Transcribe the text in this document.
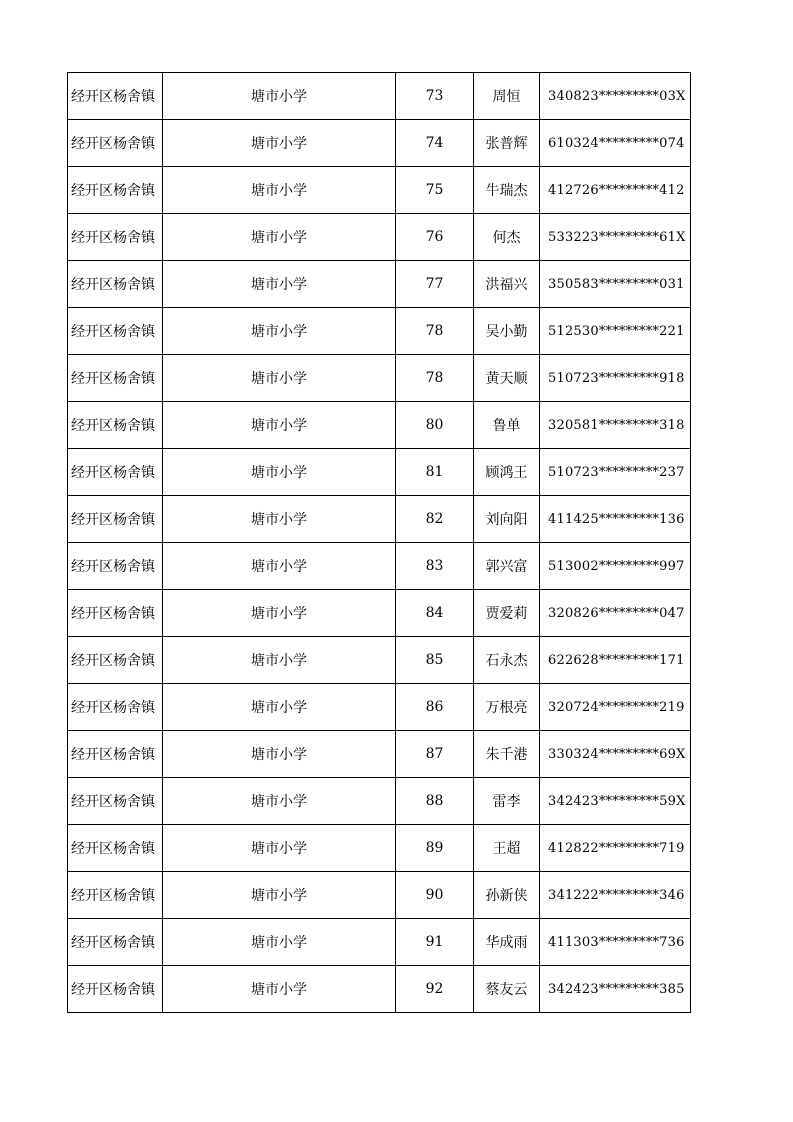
经开区杨舍镇	塘市小学	73	周恒	340823*********03X
经开区杨舍镇	塘市小学	74	张普辉	610324*********074
经开区杨舍镇	塘市小学	75	牛瑞杰	412726*********412
经开区杨舍镇	塘市小学	76	何杰	533223*********61X
经开区杨舍镇	塘市小学	77	洪福兴	350583*********031
经开区杨舍镇	塘市小学	78	吴小勤	512530*********221
经开区杨舍镇	塘市小学	78	黄天顺	510723*********918
经开区杨舍镇	塘市小学	80	鲁单	320581*********318
经开区杨舍镇	塘市小学	81	顾鸿王	510723*********237
经开区杨舍镇	塘市小学	82	刘向阳	411425*********136
经开区杨舍镇	塘市小学	83	郭兴富	513002*********997
经开区杨舍镇	塘市小学	84	贾爱莉	320826*********047
经开区杨舍镇	塘市小学	85	石永杰	622628*********171
经开区杨舍镇	塘市小学	86	万根亮	320724*********219
经开区杨舍镇	塘市小学	87	朱千港	330324*********69X
经开区杨舍镇	塘市小学	88	雷李	342423*********59X
经开区杨舍镇	塘市小学	89	王超	412822*********719
经开区杨舍镇	塘市小学	90	孙新侠	341222*********346
经开区杨舍镇	塘市小学	91	华成雨	411303*********736
经开区杨舍镇	塘市小学	92	蔡友云	342423*********385
